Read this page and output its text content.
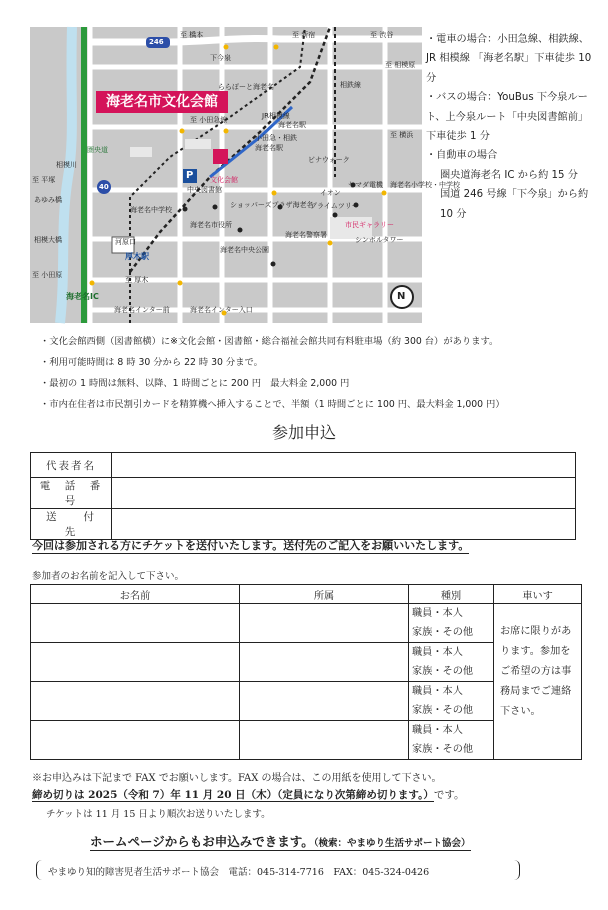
至 橋本	至 新宿	至 渋谷
246
40
下今泉
ららぽーと海老名
JR相模線
海老名駅
小田急・相鉄
海老名駅
相鉄線
ビナウォーク
中央図書館
文化会館
ショッパーズプラザ海老名
イオン
ヤマダ電機
プライムツリー
海老名小学校・中学校
市民ギャラリー
海老名市役所
海老名警察署
海老名中学校
海老名中央公園
シンボルタワー
河原口
厚木駅
海老名インター前	海老名インター入口
海老名IC
圏央道
相模川
あゆみ橋
相模大橋
至 平塚
至 小田原
至 厚木
至 相模原
至 横浜
至 小田急線
P
N
海老名市文化会館

・電車の場合：小田急線、相鉄線、JR 相模線 「海老名駅」下車徒歩 10 分

・バスの場合：YouBus 下今泉ルート、上今泉ルート「中央図書館前」下車徒歩 1 分

・自動車の場合

圏央道海老名 IC から約 15 分

国道 246 号線「下今泉」から約 10 分

・文化会館西側（図書館横）に※文化会館・図書館・総合福祉会館共同有料駐車場（約 300 台）があります。

・利用可能時間は 8 時 30 分から 22 時 30 分まで。

・最初の 1 時間は無料、以降、1 時間ごとに 200 円　最大料金 2,000 円

・市内在住者は市民割引カードを精算機へ挿入することで、半額（1 時間ごとに 100 円、最大料金 1,000 円）

参加申込
代表者名	
電　話　番　号	
送　　付　　先	
今回は参加される方にチケットを送付いたします。送付先のご記入をお願いいたします。
参加者のお名前を記入して下さい。
お名前	所属	種別	車いす
		職員・本人
家族・その他	お席に限りがあります。参加をご希望の方は事務局までご連絡下さい。

		職員・本人
家族・その他	
		職員・本人
家族・その他	
		職員・本人
家族・その他	
※お申込みは下記まで FAX でお願いします。FAX の場合は、この用紙を使用して下さい。
締め切りは 2025（令和 7）年 11 月 20 日（木）（定員になり次第締め切ります。）です。
チケットは 11 月 15 日より順次お送りいたします。
ホームページからもお申込みできます。（検索：やまゆり生活サポート協会）
やまゆり知的障害児者生活サポート協会　電話：045-314-7716　FAX：045-324-0426
